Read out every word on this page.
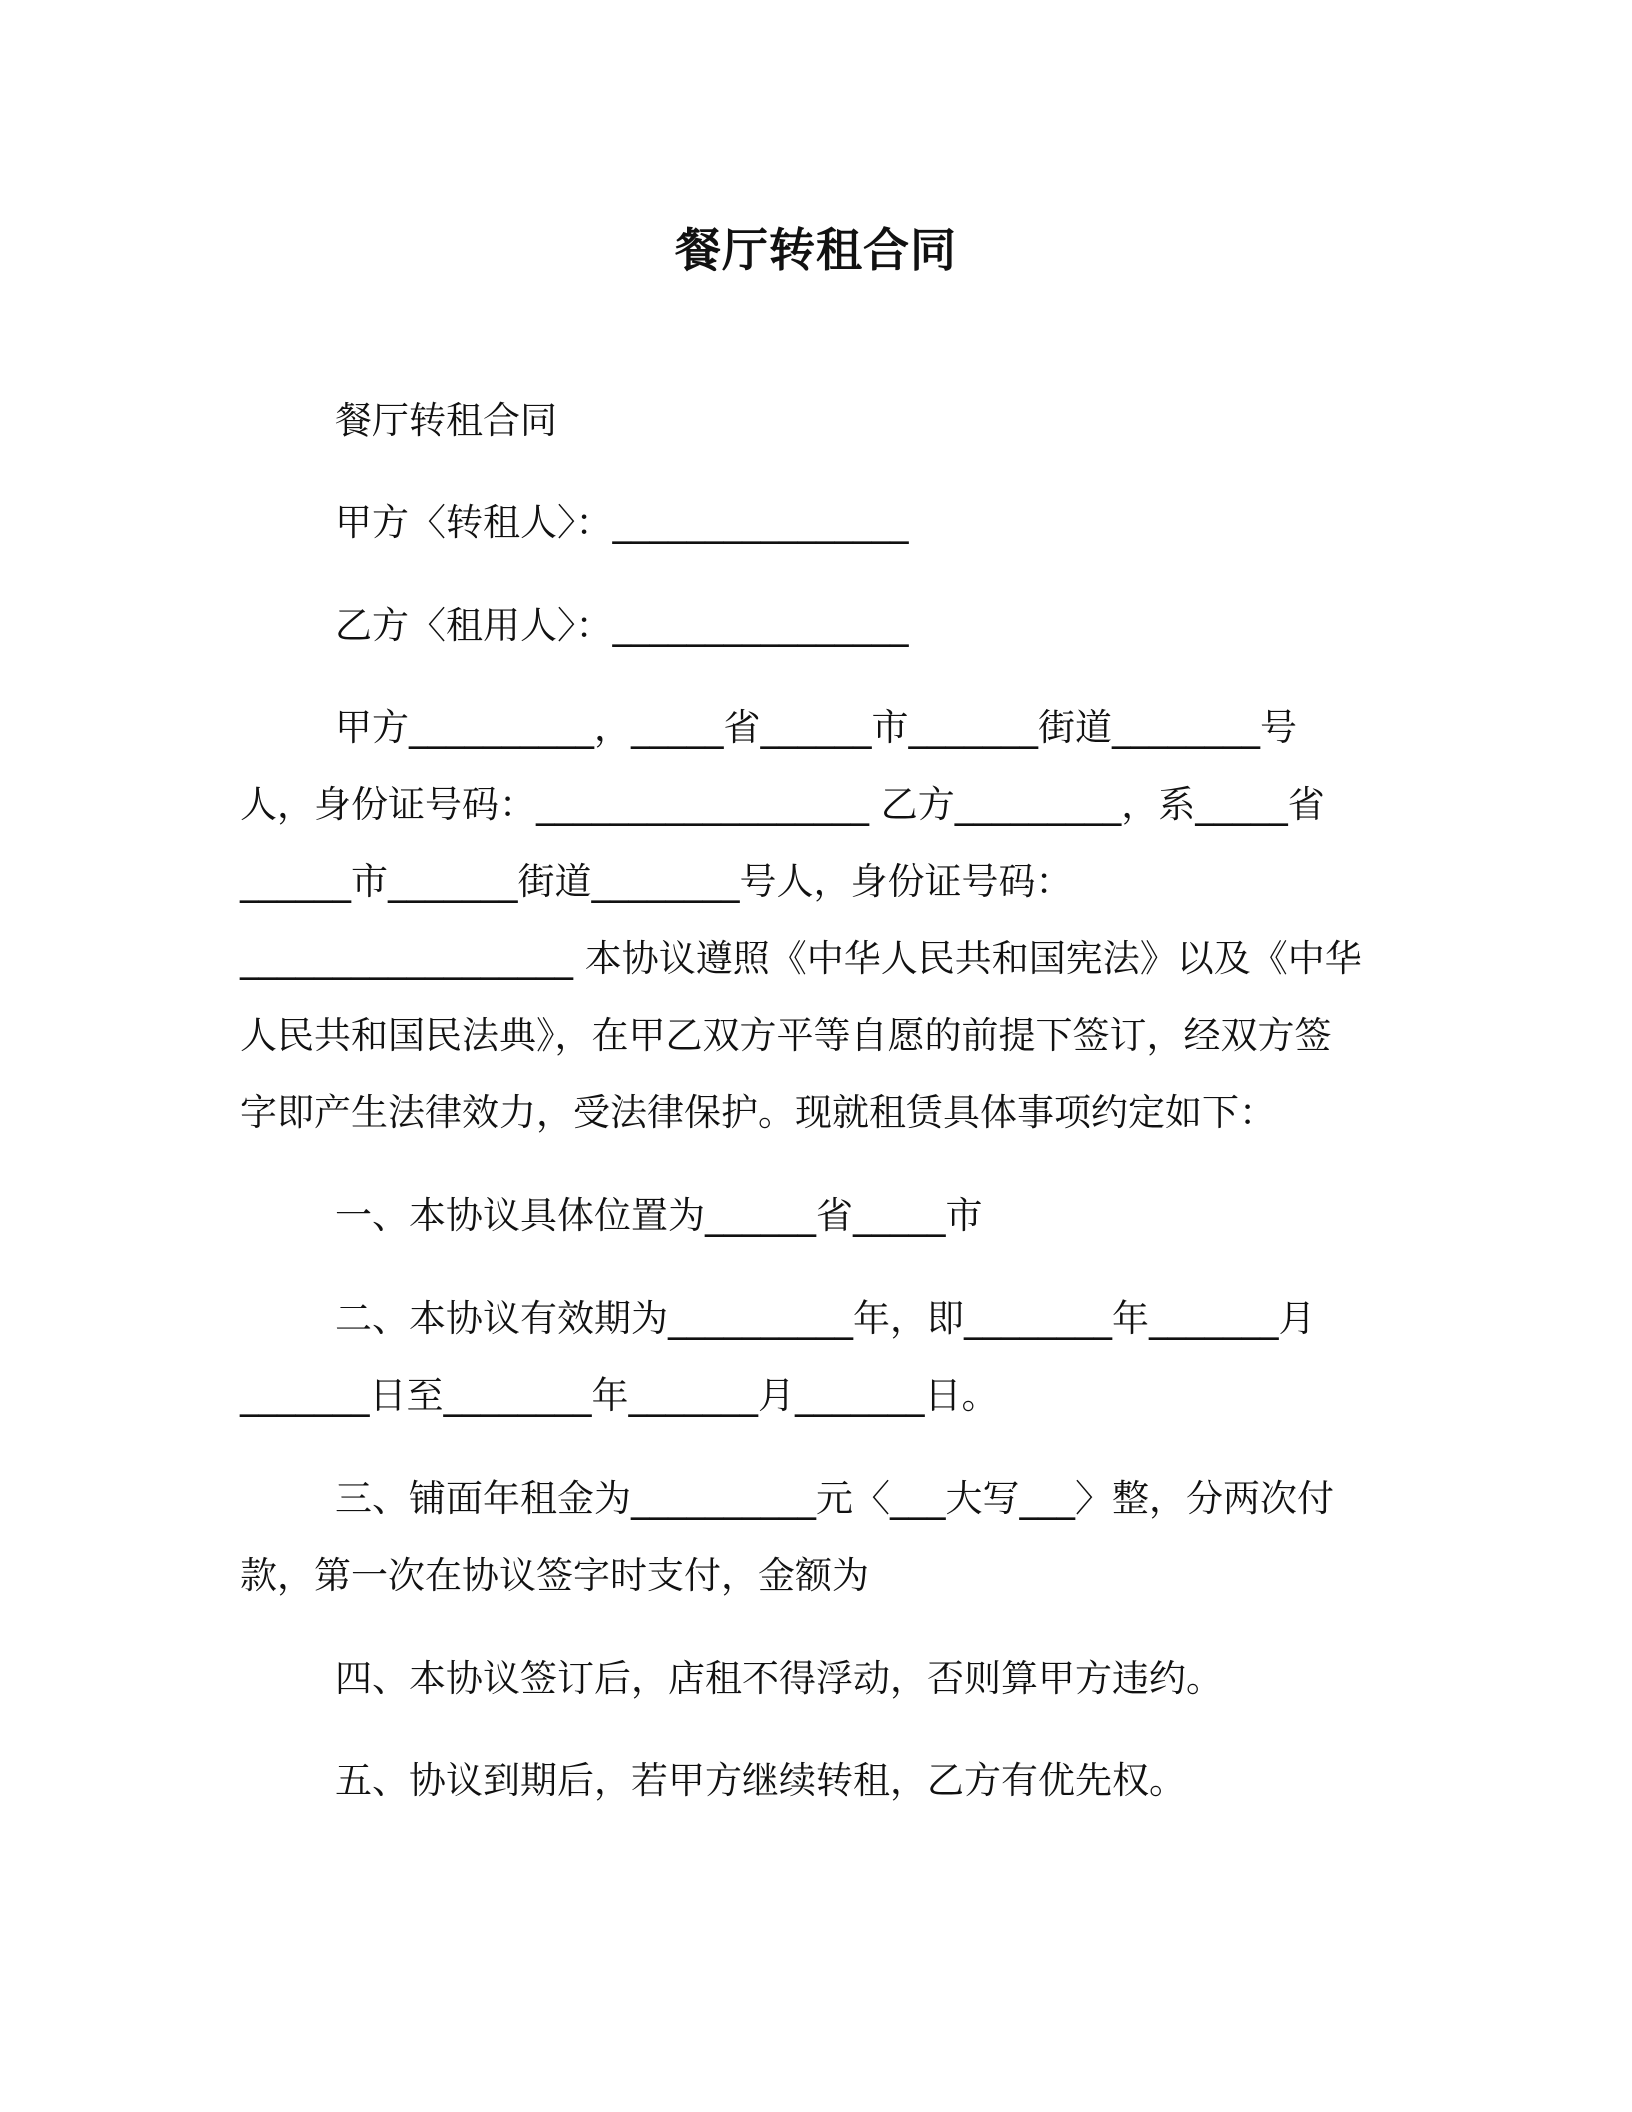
餐厅转租合同

餐厅转租合同

甲方〈转租人〉：________________

乙方〈租用人〉：________________

甲方__________，_____省______市_______街道________号

人，身份证号码：__________________ 乙方_________，系_____省

______市_______街道________号人，身份证号码：

__________________ 本协议遵照《中华人民共和国宪法》以及《中华

人民共和国民法典》，在甲乙双方平等自愿的前提下签订，经双方签

字即产生法律效力，受法律保护。现就租赁具体事项约定如下：

一、本协议具体位置为______省_____市

二、本协议有效期为__________年，即________年_______月

_______日至________年_______月_______日。

三、铺面年租金为__________元〈___大写___〉整，分两次付

款，第一次在协议签字时支付，金额为

四、本协议签订后，店租不得浮动，否则算甲方违约。

五、协议到期后，若甲方继续转租，乙方有优先权。
